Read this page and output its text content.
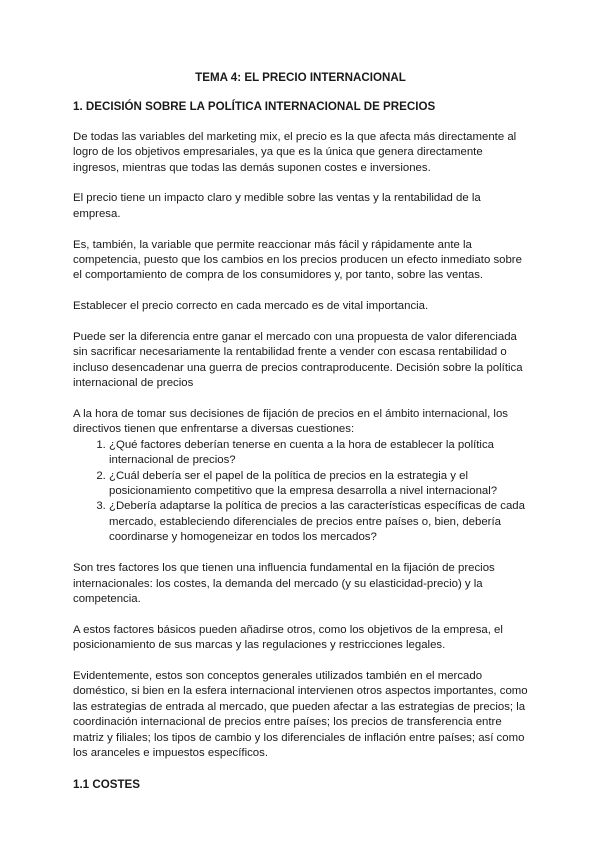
TEMA 4: EL PRECIO INTERNACIONAL
1. DECISIÓN SOBRE LA POLÍTICA INTERNACIONAL DE PRECIOS

De todas las variables del marketing mix, el precio es la que afecta más directamente al logro de los objetivos empresariales, ya que es la única que genera directamente ingresos, mientras que todas las demás suponen costes e inversiones.

El precio tiene un impacto claro y medible sobre las ventas y la rentabilidad de la empresa.

Es, también, la variable que permite reaccionar más fácil y rápidamente ante la competencia, puesto que los cambios en los precios producen un efecto inmediato sobre el comportamiento de compra de los consumidores y, por tanto, sobre las ventas.

Establecer el precio correcto en cada mercado es de vital importancia.

Puede ser la diferencia entre ganar el mercado con una propuesta de valor diferenciada sin sacrificar necesariamente la rentabilidad frente a vender con escasa rentabilidad o incluso desencadenar una guerra de precios contraproducente. Decisión sobre la política internacional de precios

A la hora de tomar sus decisiones de fijación de precios en el ámbito internacional, los directivos tienen que enfrentarse a diversas cuestiones:

1. ¿Qué factores deberían tenerse en cuenta a la hora de establecer la política internacional de precios?
2. ¿Cuál debería ser el papel de la política de precios en la estrategia y el posicionamiento competitivo que la empresa desarrolla a nivel internacional?
3. ¿Debería adaptarse la política de precios a las características específicas de cada mercado, estableciendo diferenciales de precios entre países o, bien, debería coordinarse y homogeneizar en todos los mercados?

Son tres factores los que tienen una influencia fundamental en la fijación de precios internacionales: los costes, la demanda del mercado (y su elasticidad-precio) y la competencia.

A estos factores básicos pueden añadirse otros, como los objetivos de la empresa, el posicionamiento de sus marcas y las regulaciones y restricciones legales.

Evidentemente, estos son conceptos generales utilizados también en el mercado doméstico, si bien en la esfera internacional intervienen otros aspectos importantes, como las estrategias de entrada al mercado, que pueden afectar a las estrategias de precios; la coordinación internacional de precios entre países; los precios de transferencia entre matriz y filiales; los tipos de cambio y los diferenciales de inflación entre países; así como los aranceles e impuestos específicos.

1.1 COSTES
